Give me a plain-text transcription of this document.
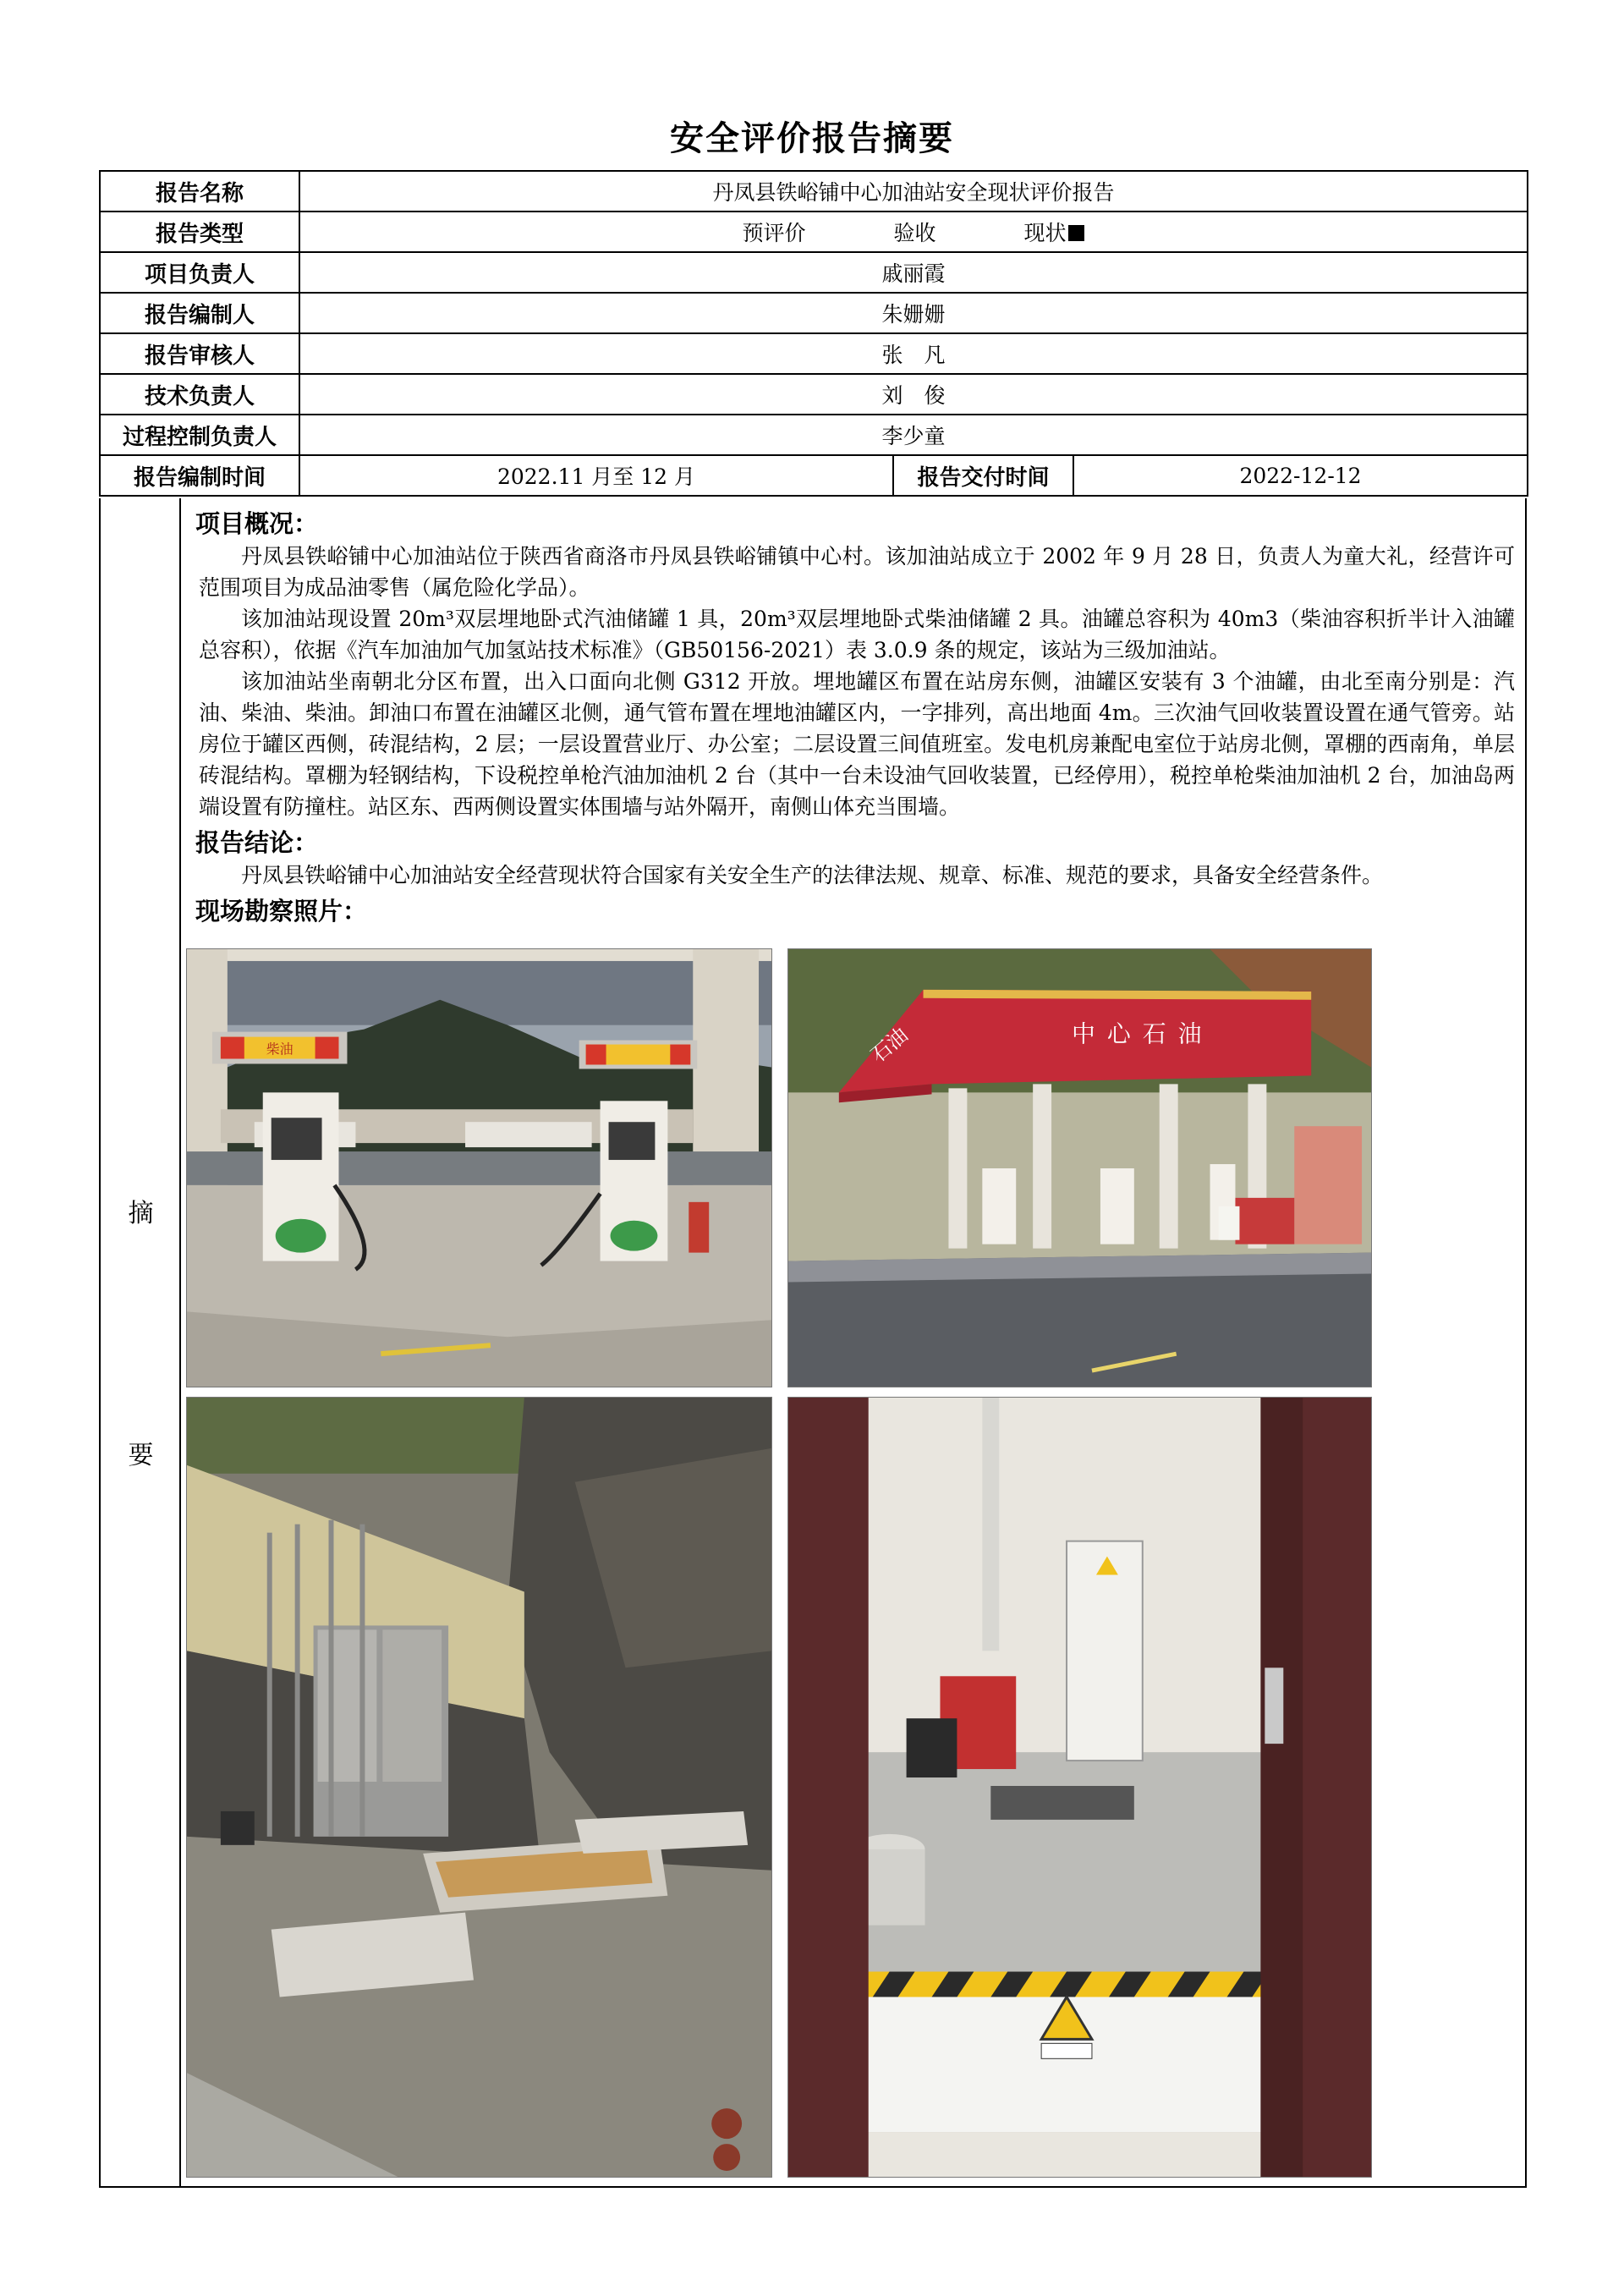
安全评价报告摘要
报告名称	丹凤县铁峪铺中心加油站安全现状评价报告		
报告类型	预评价 验收 现状		
项目负责人	戚丽霞		
报告编制人	朱姗姗		
报告审核人	张　凡		
技术负责人	刘　俊		
过程控制负责人	李少童		
报告编制时间	2022.11 月至 12 月	报告交付时间	2022-12-12
摘
要
项目概况：

丹凤县铁峪铺中心加油站位于陕西省商洛市丹凤县铁峪铺镇中心村。该加油站成立于 2002 年 9 月 28 日，负责人为童大礼，经营许可范围项目为成品油零售（属危险化学品）。

该加油站现设置 20m³双层埋地卧式汽油储罐 1 具，20m³双层埋地卧式柴油储罐 2 具。油罐总容积为 40m3（柴油容积折半计入油罐总容积），依据《汽车加油加气加氢站技术标准》（GB50156-2021）表 3.0.9 条的规定，该站为三级加油站。

该加油站坐南朝北分区布置，出入口面向北侧 G312 开放。埋地罐区布置在站房东侧，油罐区安装有 3 个油罐，由北至南分别是：汽油、柴油、柴油。卸油口布置在油罐区北侧，通气管布置在埋地油罐区内，一字排列，高出地面 4m。三次油气回收装置设置在通气管旁。站房位于罐区西侧，砖混结构，2 层；一层设置营业厅、办公室；二层设置三间值班室。发电机房兼配电室位于站房北侧，罩棚的西南角，单层砖混结构。罩棚为轻钢结构，下设税控单枪汽油加油机 2 台（其中一台未设油气回收装置，已经停用），税控单枪柴油加油机 2 台，加油岛两端设置有防撞柱。站区东、西两侧设置实体围墙与站外隔开，南侧山体充当围墙。

报告结论：

丹凤县铁峪铺中心加油站安全经营现状符合国家有关安全生产的法律法规、规章、标准、规范的要求，具备安全经营条件。

现场勘察照片：
柴油	石油	中心石油
